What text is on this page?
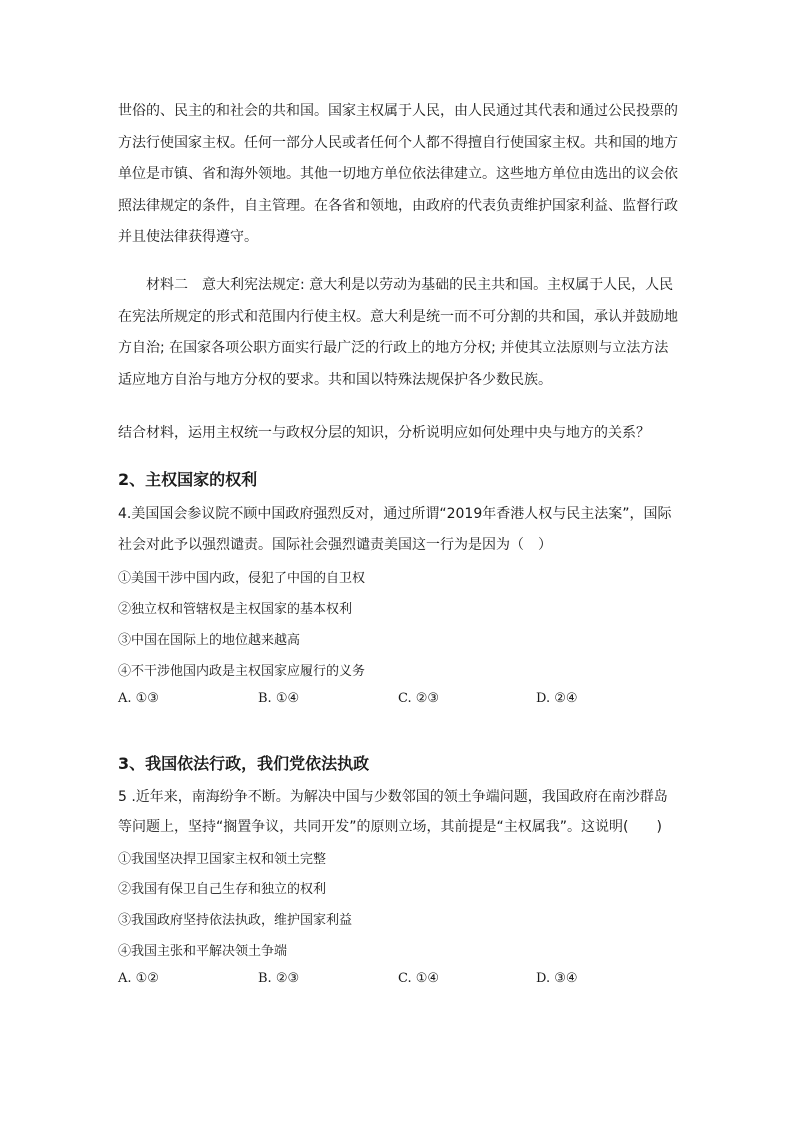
世俗的、民主的和社会的共和国。国家主权属于人民，由人民通过其代表和通过公民投票的
方法行使国家主权。任何一部分人民或者任何个人都不得擅自行使国家主权。共和国的地方
单位是市镇、省和海外领地。其他一切地方单位依法律建立。这些地方单位由选出的议会依
照法律规定的条件，自主管理。在各省和领地，由政府的代表负责维护国家利益、监督行政
并且使法律获得遵守。
材料二　意大利宪法规定: 意大利是以劳动为基础的民主共和国。主权属于人民，人民
在宪法所规定的形式和范围内行使主权。意大利是统一而不可分割的共和国，承认并鼓励地
方自治; 在国家各项公职方面实行最广泛的行政上的地方分权; 并使其立法原则与立法方法
适应地方自治与地方分权的要求。共和国以特殊法规保护各少数民族。

结合材料，运用主权统一与政权分层的知识，分析说明应如何处理中央与地方的关系？

2、主权国家的权利

4.美国国会参议院不顾中国政府强烈反对，通过所谓“2019年香港人权与民主法案”，国际

社会对此予以强烈谴责。国际社会强烈谴责美国这一行为是因为（　）

①美国干涉中国内政，侵犯了中国的自卫权

②独立权和管辖权是主权国家的基本权利

③中国在国际上的地位越来越高

④不干涉他国内政是主权国家应履行的义务

A. ①③	B. ①④	C. ②③	D. ②④
3、我国依法行政，我们党依法执政

5 .近年来，南海纷争不断。为解决中国与少数邻国的领土争端问题，我国政府在南沙群岛

等问题上，坚持“搁置争议，共同开发”的原则立场，其前提是“主权属我”。这说明(　　)

①我国坚决捍卫国家主权和领土完整

②我国有保卫自己生存和独立的权利

③我国政府坚持依法执政，维护国家利益

④我国主张和平解决领土争端

A. ①②	B. ②③	C. ①④	D. ③④
